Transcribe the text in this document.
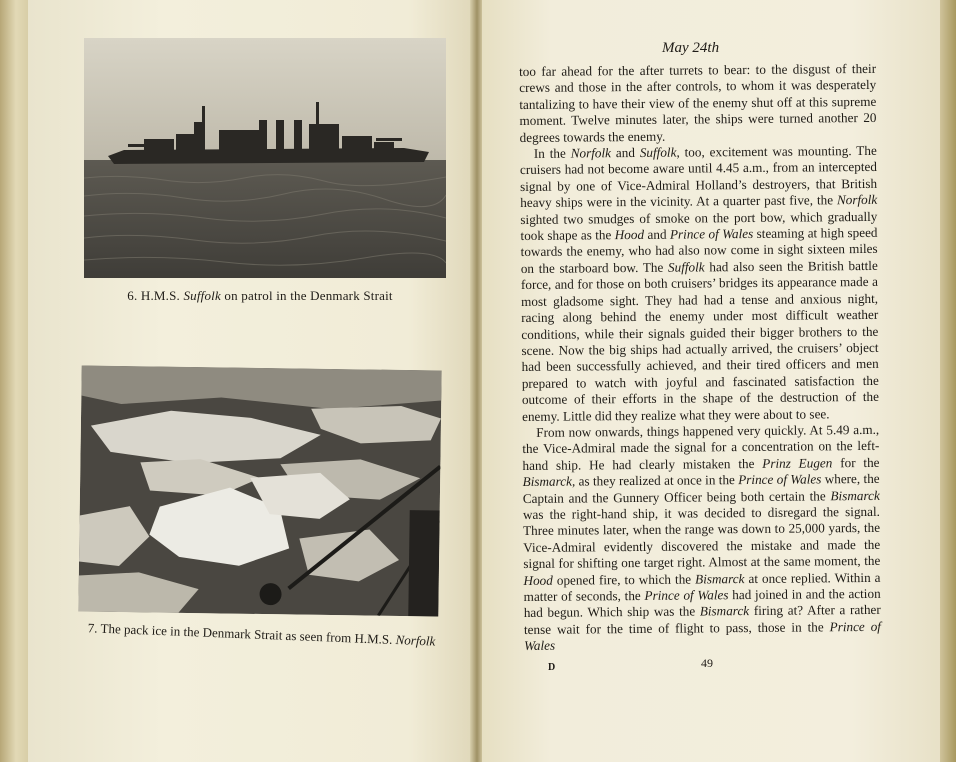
6. H.M.S. Suffolk on patrol in the Denmark Strait
7. The pack ice in the Denmark Strait as seen from H.M.S. Norfolk
May 24th

too far ahead for the after turrets to bear: to the disgust of their crews and those in the after controls, to whom it was desperately tantalizing to have their view of the enemy shut off at this supreme moment. Twelve minutes later, the ships were turned another 20 degrees towards the enemy.

In the Norfolk and Suffolk, too, excitement was mounting. The cruisers had not become aware until 4.45 a.m., from an intercepted signal by one of Vice-Admiral Holland’s destroyers, that British heavy ships were in the vicinity. At a quarter past five, the Norfolk sighted two smudges of smoke on the port bow, which gradually took shape as the Hood and Prince of Wales steaming at high speed towards the enemy, who had also now come in sight sixteen miles on the starboard bow. The Suffolk had also seen the British battle force, and for those on both cruisers’ bridges its appearance made a most gladsome sight. They had had a tense and anxious night, racing along behind the enemy under most difficult weather conditions, while their signals guided their bigger brothers to the scene. Now the big ships had actually arrived, the cruisers’ object had been successfully achieved, and their tired officers and men prepared to watch with joyful and fascinated satisfaction the outcome of their efforts in the shape of the destruction of the enemy. Little did they realize what they were about to see.

From now onwards, things happened very quickly. At 5.49 a.m., the Vice-Admiral made the signal for a concentration on the left-hand ship. He had clearly mistaken the Prinz Eugen for the Bismarck, as they realized at once in the Prince of Wales where, the Captain and the Gunnery Officer being both certain the Bismarck was the right-hand ship, it was decided to disregard the signal. Three minutes later, when the range was down to 25,000 yards, the Vice-Admiral evidently discovered the mistake and made the signal for shifting one target right. Almost at the same moment, the Hood opened fire, to which the Bismarck at once replied. Within a matter of seconds, the Prince of Wales had joined in and the action had begun. Which ship was the Bismarck firing at? After a rather tense wait for the time of flight to pass, those in the Prince of Wales

D	49
